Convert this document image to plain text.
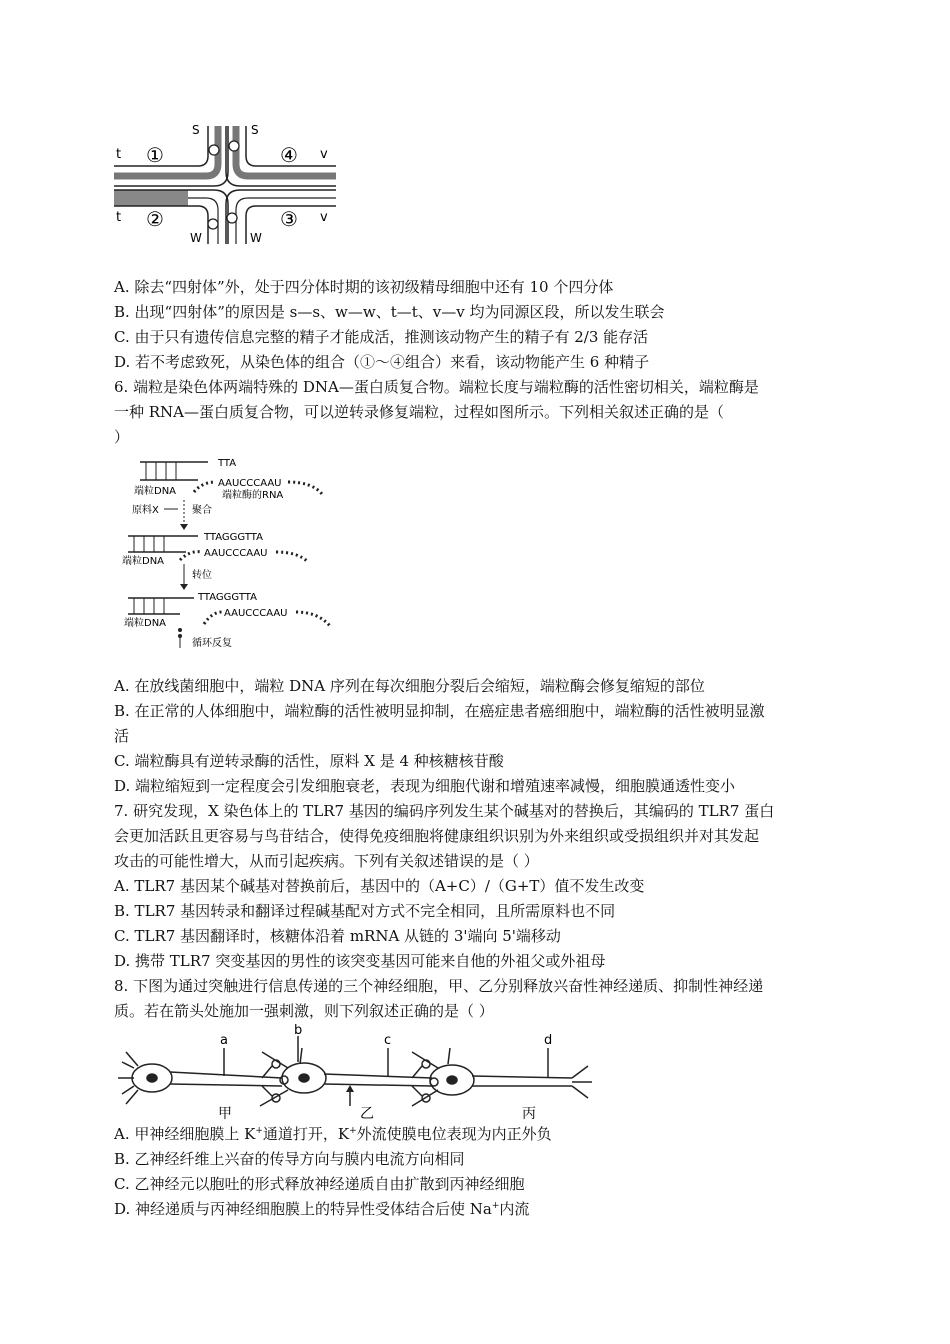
t
t
S	S
v
v
W	W
①
②	③
④
A. 除去“四射体”外，处于四分体时期的该初级精母细胞中还有 10 个四分体
B. 出现“四射体”的原因是 s—s、w—w、t—t、v—v 均为同源区段，所以发生联会
C. 由于只有遗传信息完整的精子才能成活，推测该动物产生的精子有 2/3 能存活
D. 若不考虑致死，从染色体的组合（①～④组合）来看，该动物能产生 6 种精子
6. 端粒是染色体两端特殊的 DNA—蛋白质复合物。端粒长度与端粒酶的活性密切相关，端粒酶是
一种 RNA—蛋白质复合物，可以逆转录修复端粒，过程如图所示。下列相关叙述正确的是（
）
TTA
AAUCCCAAU
端粒DNA	端粒酶的RNA
原料X	聚合
TTAGGGTTA
AAUCCCAAU
端粒DNA
转位
TTAGGGTTA
AAUCCCAAU
端粒DNA
循环反复
A. 在放线菌细胞中，端粒 DNA 序列在每次细胞分裂后会缩短，端粒酶会修复缩短的部位
B. 在正常的人体细胞中，端粒酶的活性被明显抑制，在癌症患者癌细胞中，端粒酶的活性被明显激
活
C. 端粒酶具有逆转录酶的活性，原料 X 是 4 种核糖核苷酸
D. 端粒缩短到一定程度会引发细胞衰老，表现为细胞代谢和增殖速率减慢，细胞膜通透性变小
7. 研究发现，X 染色体上的 TLR7 基因的编码序列发生某个碱基对的替换后，其编码的 TLR7 蛋白
会更加活跃且更容易与鸟苷结合，使得免疫细胞将健康组织识别为外来组织或受损组织并对其发起
攻击的可能性增大，从而引起疾病。下列有关叙述错误的是（ ）
A. TLR7 基因某个碱基对替换前后，基因中的（A+C）/（G+T）值不发生改变
B. TLR7 基因转录和翻译过程碱基配对方式不完全相同，且所需原料也不同
C. TLR7 基因翻译时，核糖体沿着 mRNA 从链的 3'端向 5'端移动
D. 携带 TLR7 突变基因的男性的该突变基因可能来自他的外祖父或外祖母
8. 下图为通过突触进行信息传递的三个神经细胞，甲、乙分别释放兴奋性神经递质、抑制性神经递
质。若在箭头处施加一强刺激，则下列叙述正确的是（ ）
a
b
c	d
甲	乙	丙
A. 甲神经细胞膜上 K+通道打开，K+外流使膜电位表现为内正外负
B. 乙神经纤维上兴奋的传导方向与膜内电流方向相同
C. 乙神经元以胞吐的形式释放神经递质自由扩散到丙神经细胞
D. 神经递质与丙神经细胞膜上的特异性受体结合后使 Na+内流
